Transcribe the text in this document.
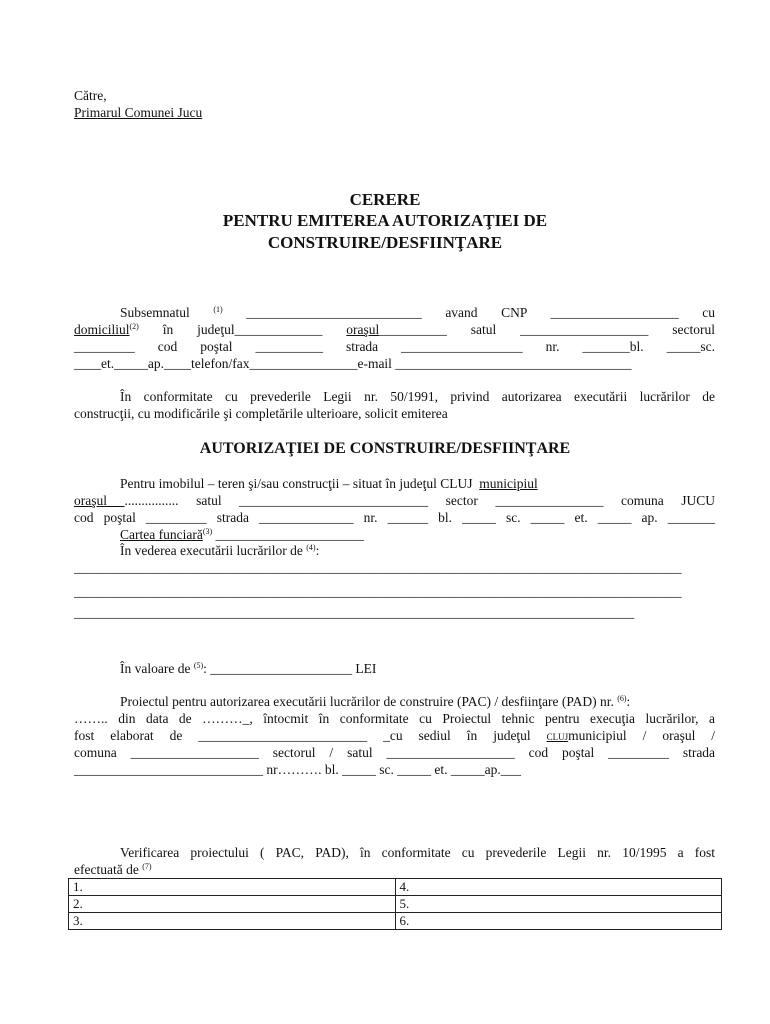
Către,
Primarul Comunei Jucu
CERERE
PENTRU EMITEREA AUTORIZAŢIEI DE
CONSTRUIRE/DESFIINŢARE
Subsemnatul $^{(1)}$ __________________________ avand CNP ___________________ cu
domiciliul$^{(2)}$ în judeţul_____________ oraşul__________ satul ___________________ sectorul
_________ cod poştal __________ strada __________________ nr. _______bl. _____sc.
____et._____ap.____telefon/fax________________e-mail ___________________________________
În conformitate cu prevederile Legii nr. 50/1991, privind autorizarea executării lucrărilor de
construcţii, cu modificările şi completările ulterioare, solicit emiterea
AUTORIZAŢIEI DE CONSTRUIRE/DESFIINŢARE
Pentru imobilul – teren şi/sau construcţii – situat în judeţul CLUJ municipiul
oraşul ................ satul ____________________________ sector ________________ comuna JUCU
cod poştal _________ strada ______________ nr. ______ bl. _____ sc. _____ et. _____ ap. _______
Cartea funciară$^{(3)}$ ______________________
În vederea executării lucrărilor de $^{(4)}$:
__________________________________________________________________________________________
__________________________________________________________________________________________
___________________________________________________________________________________
În valoare de $^{(5)}$: _____________________ LEI
Proiectul pentru autorizarea executării lucrărilor de construire (PAC) / desfiinţare (PAD) nr. $^{(6)}$:
…….. din data de ………_, întocmit în conformitate cu Proiectul tehnic pentru execuţia lucrărilor, a
fost elaborat de _________________________ _cu sediul în judeţul CLUJmunicipiul / oraşul /
comuna ___________________ sectorul / satul ___________________ cod poştal _________ strada
____________________________ nr………. bl. _____ sc. _____ et. _____ap.___
Verificarea proiectului ( PAC, PAD), în conformitate cu prevederile Legii nr. 10/1995 a fost
efectuată de $^{(7)}$
1.	4.
2.	5.
3.	6.
